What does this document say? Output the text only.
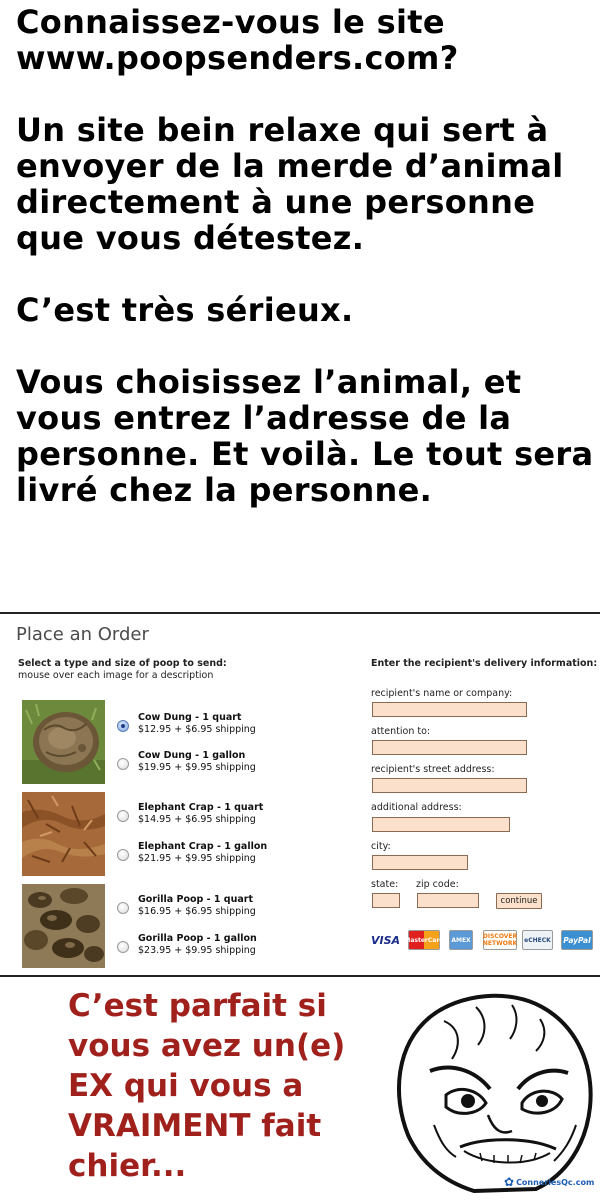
Connaissez-vous le site www.poopsenders.com?

Un site bein relaxe qui sert à envoyer de la merde d’animal directement à une personne que vous détestez.

C’est très sérieux.

Vous choisissez l’animal, et vous entrez l’adresse de la personne. Et voilà. Le tout sera livré chez la personne.

Place an Order
Select a type and size of poop to send:
mouse over each image for a description
Enter the recipient's delivery information:
Cow Dung - 1 quart
$12.95 + $6.95 shipping
Cow Dung - 1 gallon
$19.95 + $9.95 shipping
Elephant Crap - 1 quart
$14.95 + $6.95 shipping
Elephant Crap - 1 gallon
$21.95 + $9.95 shipping
Gorilla Poop - 1 quart
$16.95 + $6.95 shipping
Gorilla Poop - 1 gallon
$23.95 + $9.95 shipping
recipient's name or company:
attention to:
recipient's street address:
additional address:
city:
state: zip code:
continue
VISA MasterCard	AMEX	DISCOVER
NETWORK	eCHECK	PayPal
C’est parfait si
vous avez un(e)
EX qui vous a
VRAIMENT fait
chier...	✿ ConneriesQc.com
